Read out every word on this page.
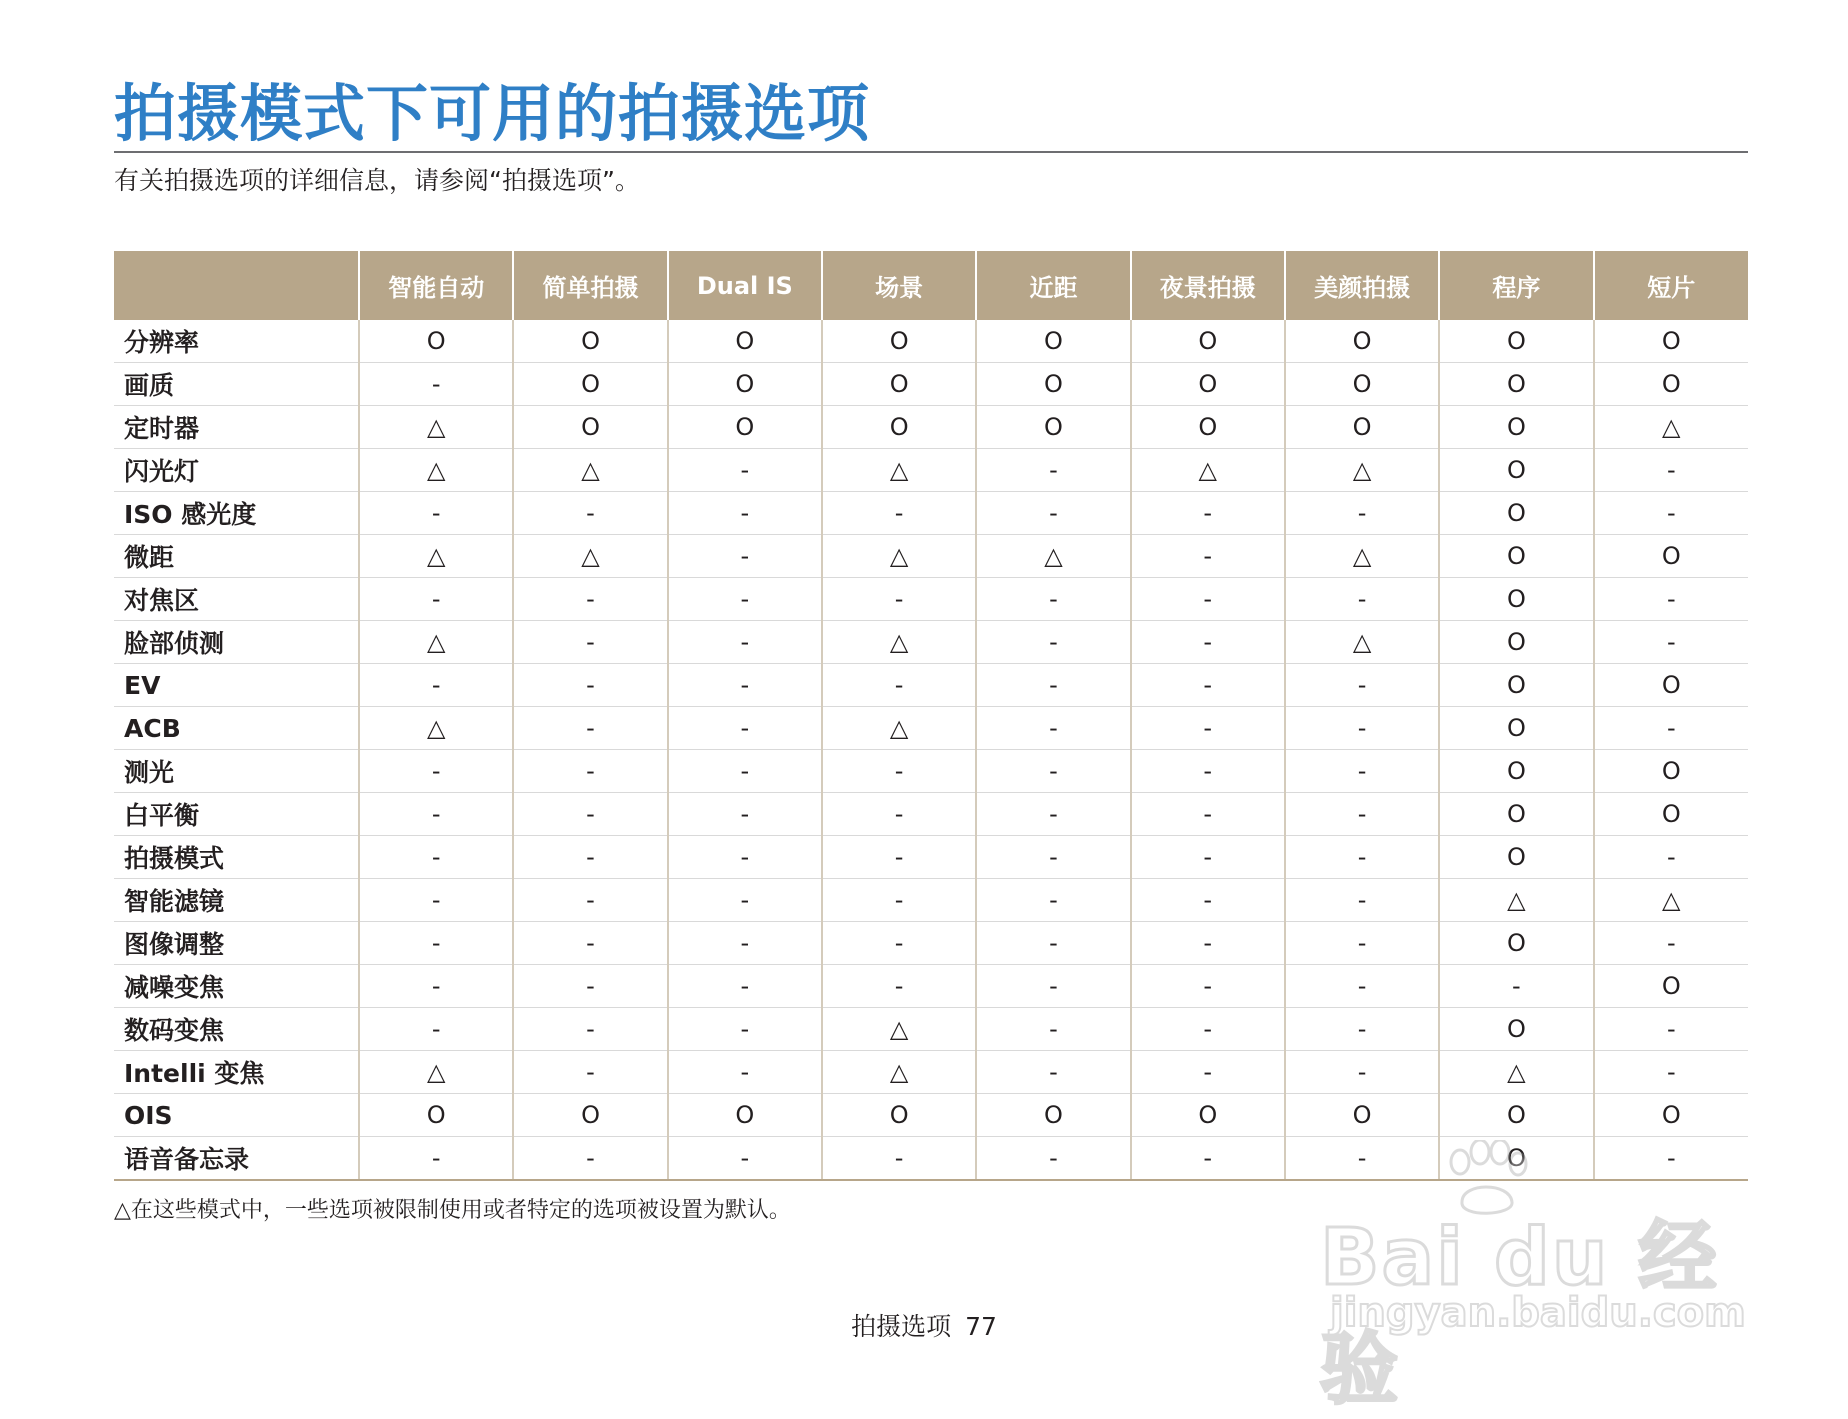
拍摄模式下可用的拍摄选项

有关拍摄选项的详细信息，请参阅“拍摄选项”。

	智能自动	简单拍摄	Dual IS	场景	近距	夜景拍摄	美颜拍摄	程序	短片
分辨率	O	O	O	O	O	O	O	O	O
画质	-	O	O	O	O	O	O	O	O
定时器	△	O	O	O	O	O	O	O	△
闪光灯	△	△	-	△	-	△	△	O	-
ISO 感光度	-	-	-	-	-	-	-	O	-
微距	△	△	-	△	△	-	△	O	O
对焦区	-	-	-	-	-	-	-	O	-
脸部侦测	△	-	-	△	-	-	△	O	-
EV	-	-	-	-	-	-	-	O	O
ACB	△	-	-	△	-	-	-	O	-
测光	-	-	-	-	-	-	-	O	O
白平衡	-	-	-	-	-	-	-	O	O
拍摄模式	-	-	-	-	-	-	-	O	-
智能滤镜	-	-	-	-	-	-	-	△	△
图像调整	-	-	-	-	-	-	-	O	-
减噪变焦	-	-	-	-	-	-	-	-	O
数码变焦	-	-	-	△	-	-	-	O	-
Intelli 变焦	△	-	-	△	-	-	-	△	-
OIS	O	O	O	O	O	O	O	O	O
语音备忘录	-	-	-	-	-	-	-	O	-

△在这些模式中，一些选项被限制使用或者特定的选项被设置为默认。

拍摄选项 77
Bai du 经验
jingyan.baidu.com
